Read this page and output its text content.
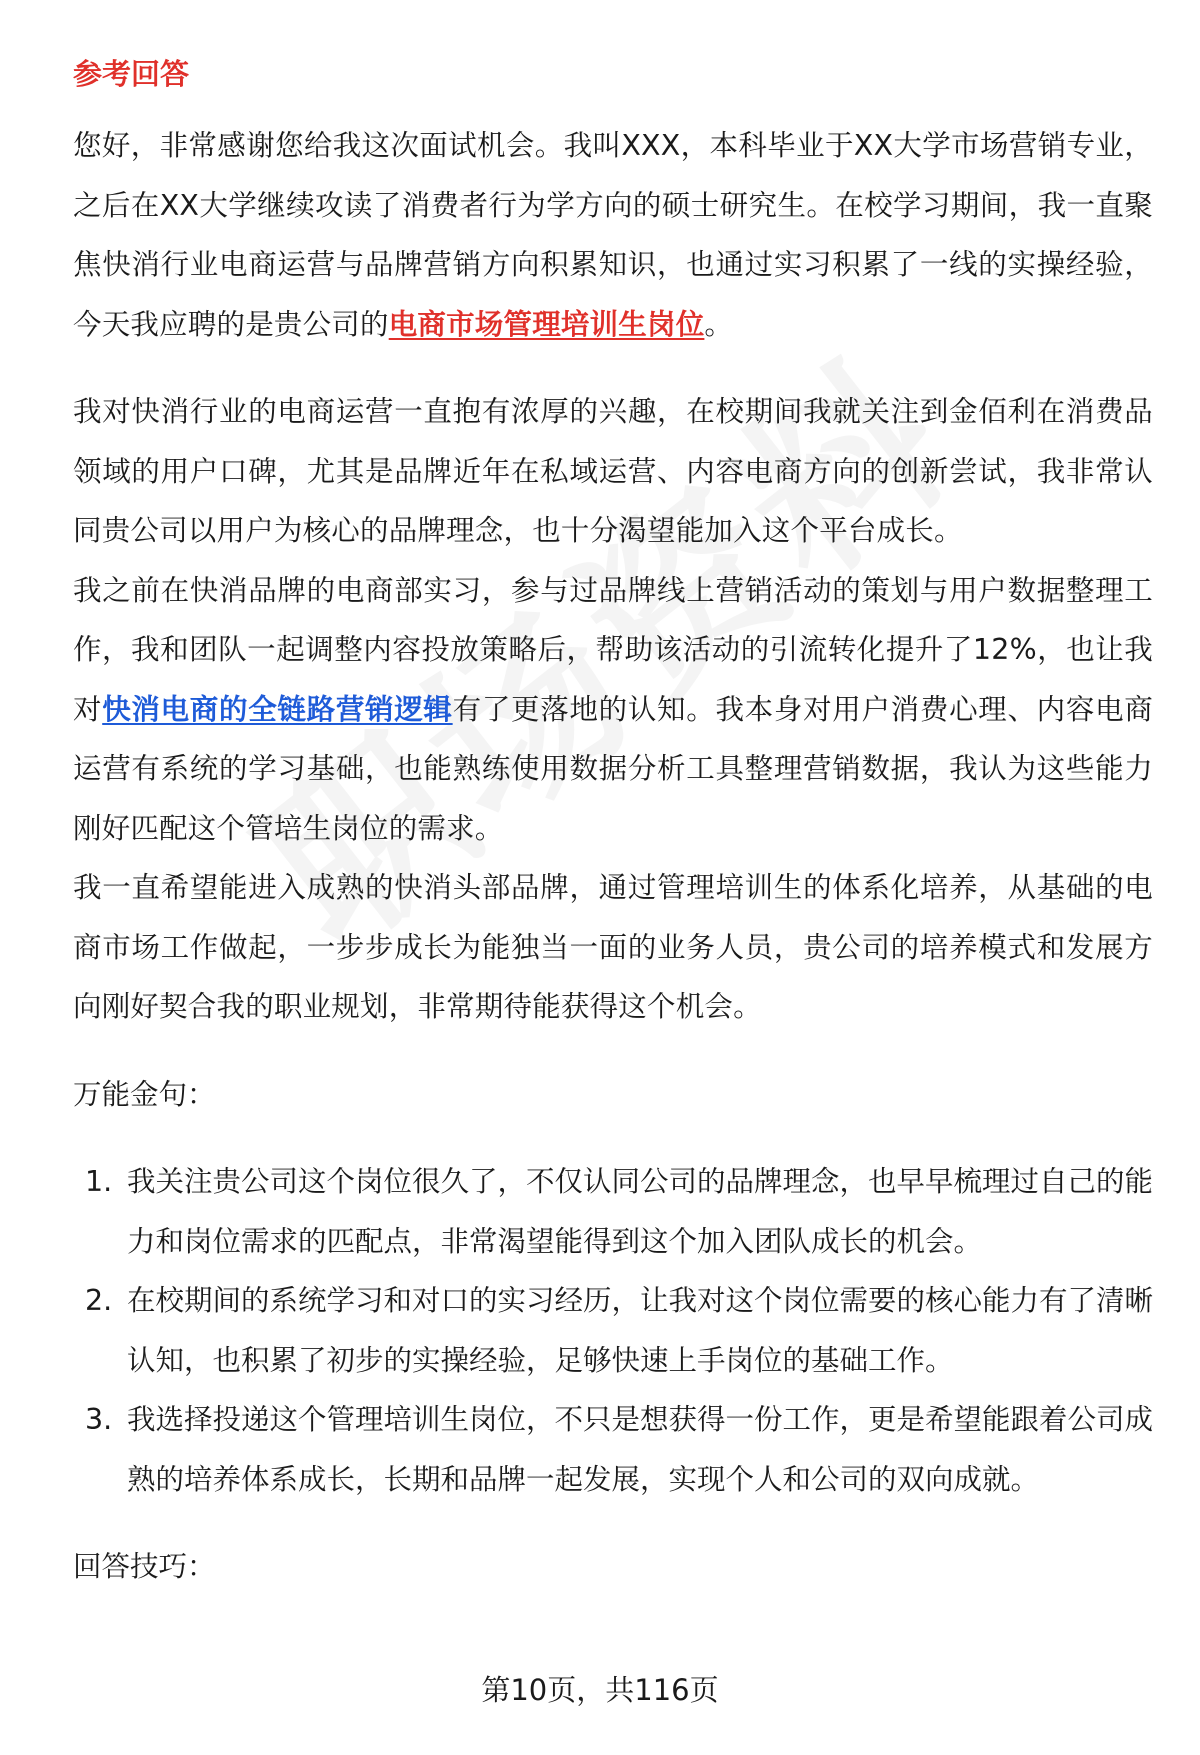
参考回答

您好，非常感谢您给我这次面试机会。我叫XXX，本科毕业于XX大学市场营销专业，之后在XX大学继续攻读了消费者行为学方向的硕士研究生。在校学习期间，我一直聚焦快消行业电商运营与品牌营销方向积累知识，也通过实习积累了一线的实操经验，今天我应聘的是贵公司的电商市场管理培训生岗位。

我对快消行业的电商运营一直抱有浓厚的兴趣，在校期间我就关注到金佰利在消费品领域的用户口碑，尤其是品牌近年在私域运营、内容电商方向的创新尝试，我非常认同贵公司以用户为核心的品牌理念，也十分渴望能加入这个平台成长。

我之前在快消品牌的电商部实习，参与过品牌线上营销活动的策划与用户数据整理工作，我和团队一起调整内容投放策略后，帮助该活动的引流转化提升了12%，也让我对快消电商的全链路营销逻辑有了更落地的认知。我本身对用户消费心理、内容电商运营有系统的学习基础，也能熟练使用数据分析工具整理营销数据，我认为这些能力刚好匹配这个管培生岗位的需求。

我一直希望能进入成熟的快消头部品牌，通过管理培训生的体系化培养，从基础的电商市场工作做起，一步步成长为能独当一面的业务人员，贵公司的培养模式和发展方向刚好契合我的职业规划，非常期待能获得这个机会。

万能金句：
1. 我关注贵公司这个岗位很久了，不仅认同公司的品牌理念，也早早梳理过自己的能力和岗位需求的匹配点，非常渴望能得到这个加入团队成长的机会。
2. 在校期间的系统学习和对口的实习经历，让我对这个岗位需要的核心能力有了清晰认知，也积累了初步的实操经验，足够快速上手岗位的基础工作。
3. 我选择投递这个管理培训生岗位，不只是想获得一份工作，更是希望能跟着公司成熟的培养体系成长，长期和品牌一起发展，实现个人和公司的双向成就。
回答技巧：
第10页，共116页
